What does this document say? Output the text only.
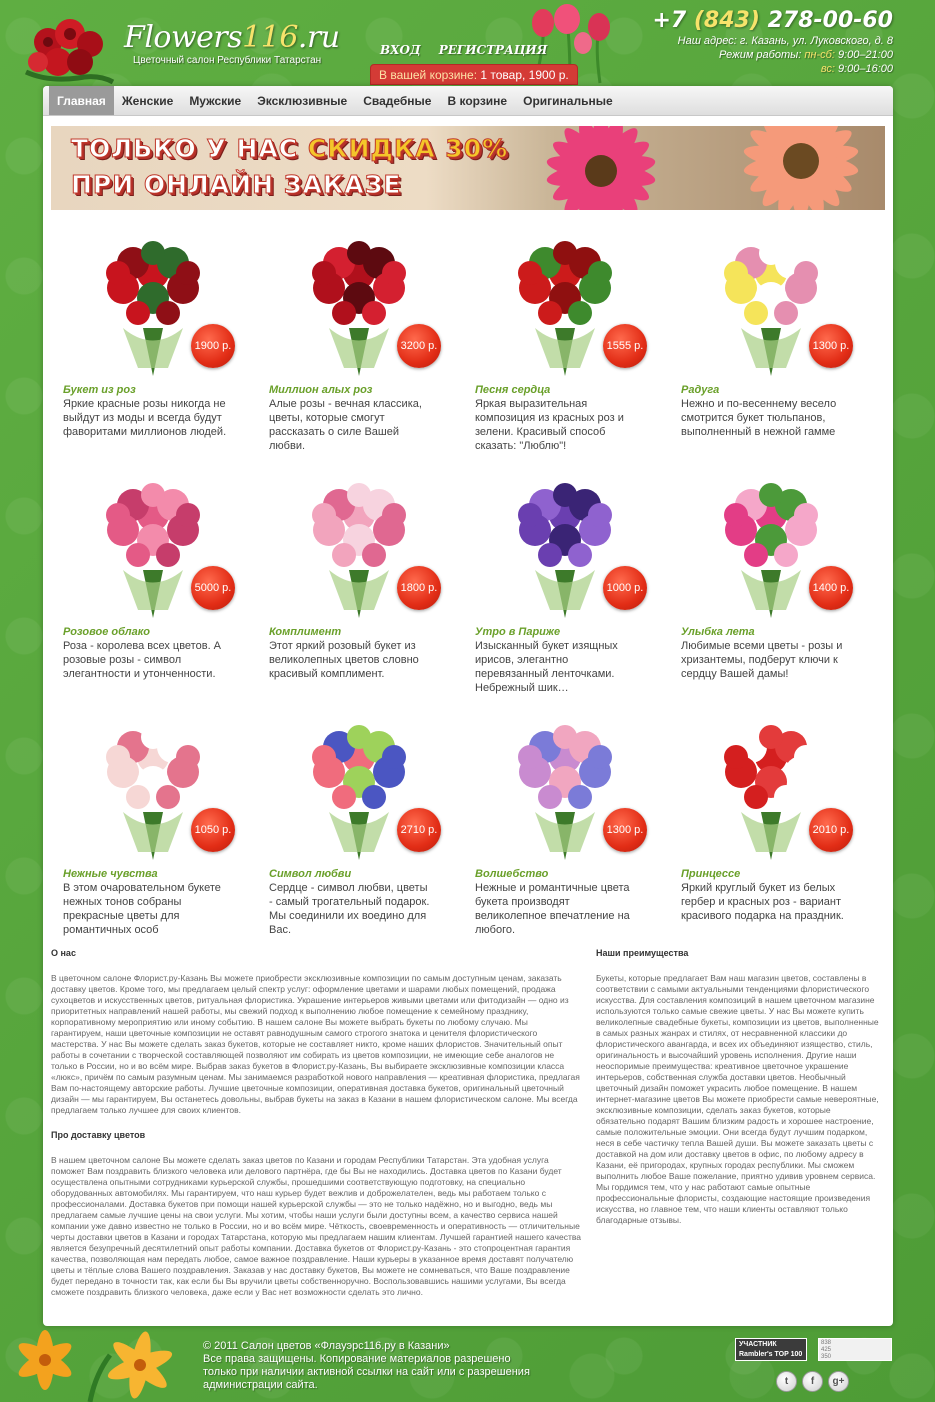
Flowers116.ru
Цветочный салон Республики Татарстан
ВХОД РЕГИСТРАЦИЯ
В вашей корзине: 1 товар, 1900 р.
+7 (843) 278-00-60
Наш адрес: г. Казань, ул. Луковского, д. 8
Режим работы: пн-сб: 9:00–21:00
вс: 9:00–16:00
Главная	Женские	Мужские	Эксклюзивные	Свадебные	В корзине	Оригинальные
ТОЛЬКО У НАС СКИДКА 30%
ПРИ ОНЛАЙН ЗАКАЗЕ
1900 р.
Букет из роз
Яркие красные розы никогда не выйдут из моды и всегда будут фаворитами миллионов людей.
3200 р.
Миллион алых роз
Алые розы - вечная классика, цветы, которые смогут рассказать о силе Вашей любви.
1555 р.
Песня сердца
Яркая выразительная композиция из красных роз и зелени. Красивый способ сказать: "Люблю"!
1300 р.
Радуга
Нежно и по-весеннему весело смотрится букет тюльпанов, выполненный в нежной гамме
5000 р.
Розовое облако
Роза - королева всех цветов. А розовые розы - символ элегантности и утонченности.
1800 р.
Комплимент
Этот яркий розовый букет из великолепных цветов словно красивый комплимент.
1000 р.
Утро в Париже
Изысканный букет изящных ирисов, элегантно перевязанный ленточками. Небрежный шик…
1400 р.
Улыбка лета
Любимые всеми цветы - розы и хризантемы, подберут ключи к сердцу Вашей дамы!
1050 р.
Нежные чувства
В этом очаровательном букете нежных тонов собраны прекрасные цветы для романтичных особ
2710 р.
Символ любви
Сердце - символ любви, цветы - самый трогательный подарок. Мы соединили их воедино для Вас.
1300 р.
Волшебство
Нежные и романтичные цвета букета производят великолепное впечатление на любого.
2010 р.
Принцессе
Яркий круглый букет из белых гербер и красных роз - вариант красивого подарка на праздник.
О нас

В цветочном салоне Флорист.ру-Казань Вы можете приобрести эксклюзивные композиции по самым доступным ценам, заказать доставку цветов. Кроме того, мы предлагаем целый спектр услуг: оформление цветами и шарами любых помещений, продажа сухоцветов и искусственных цветов, ритуальная флористика. Украшение интерьеров живыми цветами или фитодизайн — одно из приоритетных направлений нашей работы, мы свежий подход к выполнению любое помещение к семейному празднику, корпоративному мероприятию или иному событию. В нашем салоне Вы можете выбрать букеты по любому случаю. Мы гарантируем, наши цветочные композиции не оставят равнодушным самого строгого знатока и ценителя флористического мастерства. У нас Вы можете сделать заказ букетов, которые не составляет никто, кроме наших флористов. Значительный опыт работы в сочетании с творческой составляющей позволяют им собирать из цветов композиции, не имеющие себе аналогов не только в России, но и во всём мире. Выбрав заказ букетов в Флорист.ру-Казань, Вы выбираете эксклюзивные композиции класса «люкс», причём по самым разумным ценам. Мы занимаемся разработкой нового направления — креативная флористика, предлагая Вам по-настоящему авторские работы. Лучшие цветочные композиции, оперативная доставка букетов, оригинальный цветочный дизайн — мы гарантируем, Вы останетесь довольны, выбрав букеты на заказ в Казани в нашем флористическом салоне. Мы всегда предлагаем только лучшее для своих клиентов.

Про доставку цветов

В нашем цветочном салоне Вы можете сделать заказ цветов по Казани и городам Республики Татарстан. Эта удобная услуга поможет Вам поздравить близкого человека или делового партнёра, где бы Вы не находились. Доставка цветов по Казани будет осуществлена опытными сотрудниками курьерской службы, прошедшими соответствующую подготовку, на специально оборудованных автомобилях. Мы гарантируем, что наш курьер будет вежлив и доброжелателен, ведь мы работаем только с профессионалами. Доставка букетов при помощи нашей курьерской службы — это не только надёжно, но и выгодно, ведь мы предлагаем самые лучшие цены на свои услуги. Мы хотим, чтобы наши услуги были доступны всем, а качество сервиса нашей компании уже давно известно не только в России, но и во всём мире. Чёткость, своевременность и оперативность — отличительные черты доставки цветов в Казани и городах Татарстана, которую мы предлагаем нашим клиентам. Лучшей гарантией нашего качества является безупречный десятилетний опыт работы компании. Доставка букетов от Флорист.ру-Казань - это стопроцентная гарантия качества, позволяющая нам передать любое, самое важное поздравление. Наши курьеры в указанное время доставят получателю цветы и тёплые слова Вашего поздравления. Заказав у нас доставку букетов, Вы можете не сомневаться, что Ваше поздравление будет передано в точности так, как если бы Вы вручили цветы собственноручно. Воспользовавшись нашими услугами, Вы всегда сможете поздравить близкого человека, даже если у Вас нет возможности сделать это лично.

Наши преимущества

Букеты, которые предлагает Вам наш магазин цветов, составлены в соответствии с самыми актуальными тенденциями флористического искусства. Для составления композиций в нашем цветочном магазине используются только самые свежие цветы. У нас Вы можете купить великолепные свадебные букеты, композиции из цветов, выполненные в самых разных жанрах и стилях, от несравненной классики до флористического авангарда, и всех их объединяют изящество, стиль, оригинальность и высочайший уровень исполнения. Другие наши неоспоримые преимущества: креативное цветочное украшение интерьеров, собственная служба доставки цветов. Необычный цветочный дизайн поможет украсить любое помещение. В нашем интернет-магазине цветов Вы можете приобрести самые невероятные, эксклюзивные композиции, сделать заказ букетов, которые обязательно подарят Вашим близким радость и хорошее настроение, самые положительные эмоции. Они всегда будут лучшим подарком, неся в себе частичку тепла Вашей души. Вы можете заказать цветы с доставкой на дом или доставку цветов в офис, по любому адресу в Казани, её пригородах, крупных городах республики. Мы сможем выполнить любое Ваше пожелание, приятно удивив уровнем сервиса. Мы гордимся тем, что у нас работают самые опытные профессиональные флористы, создающие настоящие произведения искусства, но главное тем, что наши клиенты оставляют только благодарные отзывы.

© 2011 Салон цветов «Флауэрс116.ру в Казани»
Все права защищены. Копирование материалов разрешено только при наличии активной ссылки на сайт или с разрешения администрации сайта.
УЧАСТНИК
Rambler's TOP 100
838
425
350
t	f	g+
